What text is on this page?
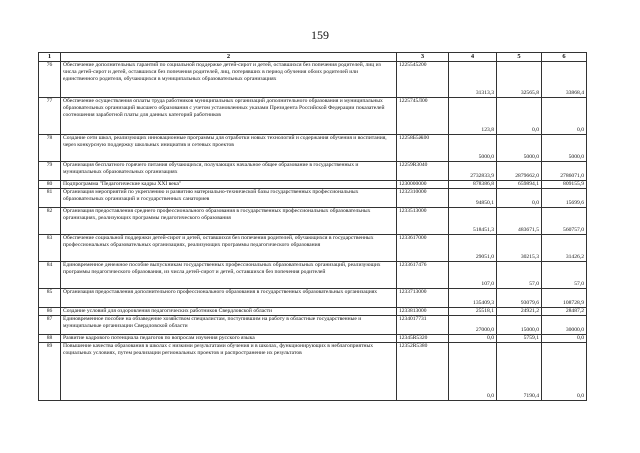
159
1	2	3	4	5	6
76	Обеспечение дополнительных гарантий по социальной поддержке детей-сирот и детей, оставшихся без попечения родителей, лиц из числа детей-сирот и детей, оставшихся без попечения родителей, лиц, потерявших в период обучения обоих родителей или единственного родителя, обучающихся в муниципальных образовательных организациях	1225545200	31313,3	32565,8	33868,4
77	Обеспечение осуществления оплаты труда работников муниципальных организаций дополнительного образования и муниципальных образовательных организаций высшего образования с учетом установленных указами Президента Российской Федерации показателей соотношения заработной платы для данных категорий работников	1225745Л00	123,8	0,0	0,0
78	Создание сети школ, реализующих инновационные программы для отработки новых технологий и содержания обучения и воспитания, через конкурсную поддержку школьных инициатив и сетевых проектов	12258Б5Ж00	5000,0	5000,0	5000,0
79	Организация бесплатного горячего питания обучающихся, получающих начальное общее образование в государственных и муниципальных образовательных организациях	12259R3040	2732833,9	2879662,0	2786071,0
80	Подпрограмма "Педагогические кадры XXI века"	1230000000	878386,8	659894,1	809155,9
81	Организация мероприятий по укреплению и развитию материально-технической базы государственных профессиональных образовательных организаций и государственных санаториев	1232310000	94850,1	0,0	15699,6
82	Организация предоставления среднего профессионального образования в государственных профессиональных образовательных организациях, реализующих программы педагогического образования	1233513000	518451,3	483671,5	560757,0
83	Обеспечение социальной поддержки детей-сирот и детей, оставшихся без попечения родителей, обучающихся в государственных профессиональных образовательных организациях, реализующих программы педагогического образования	1233617000	29051,0	30215,3	31426,2
84	Единовременное денежное пособие выпускникам государственных профессиональных образовательных организаций, реализующих программы педагогического образования, из числа детей-сирот и детей, оставшихся без попечения родителей	1233617476	107,0	57,0	57,0
85	Организация предоставления дополнительного профессионального образования в государственных образовательных организациях	1233713000	135409,3	93079,6	108728,9
86	Создание условий для оздоровления педагогических работников Свердловской области	1233813000	25518,1	24921,2	28487,2
87	Единовременное пособие на обзаведение хозяйством специалистам, поступившим на работу в областные государственные и муниципальные организации Свердловской области	1234017731	27000,0	15000,0	30000,0
88	Развитие кадрового потенциала педагогов по вопросам изучения русского языка	12345R5320	0,0	5759,1	0,0
89	Повышение качества образования в школах с низкими результатами обучения и в школах, функционирующих в неблагоприятных социальных условиях, путем реализации региональных проектов и распространение их результатов	12352R5380	0,0	7190,4	0,0
